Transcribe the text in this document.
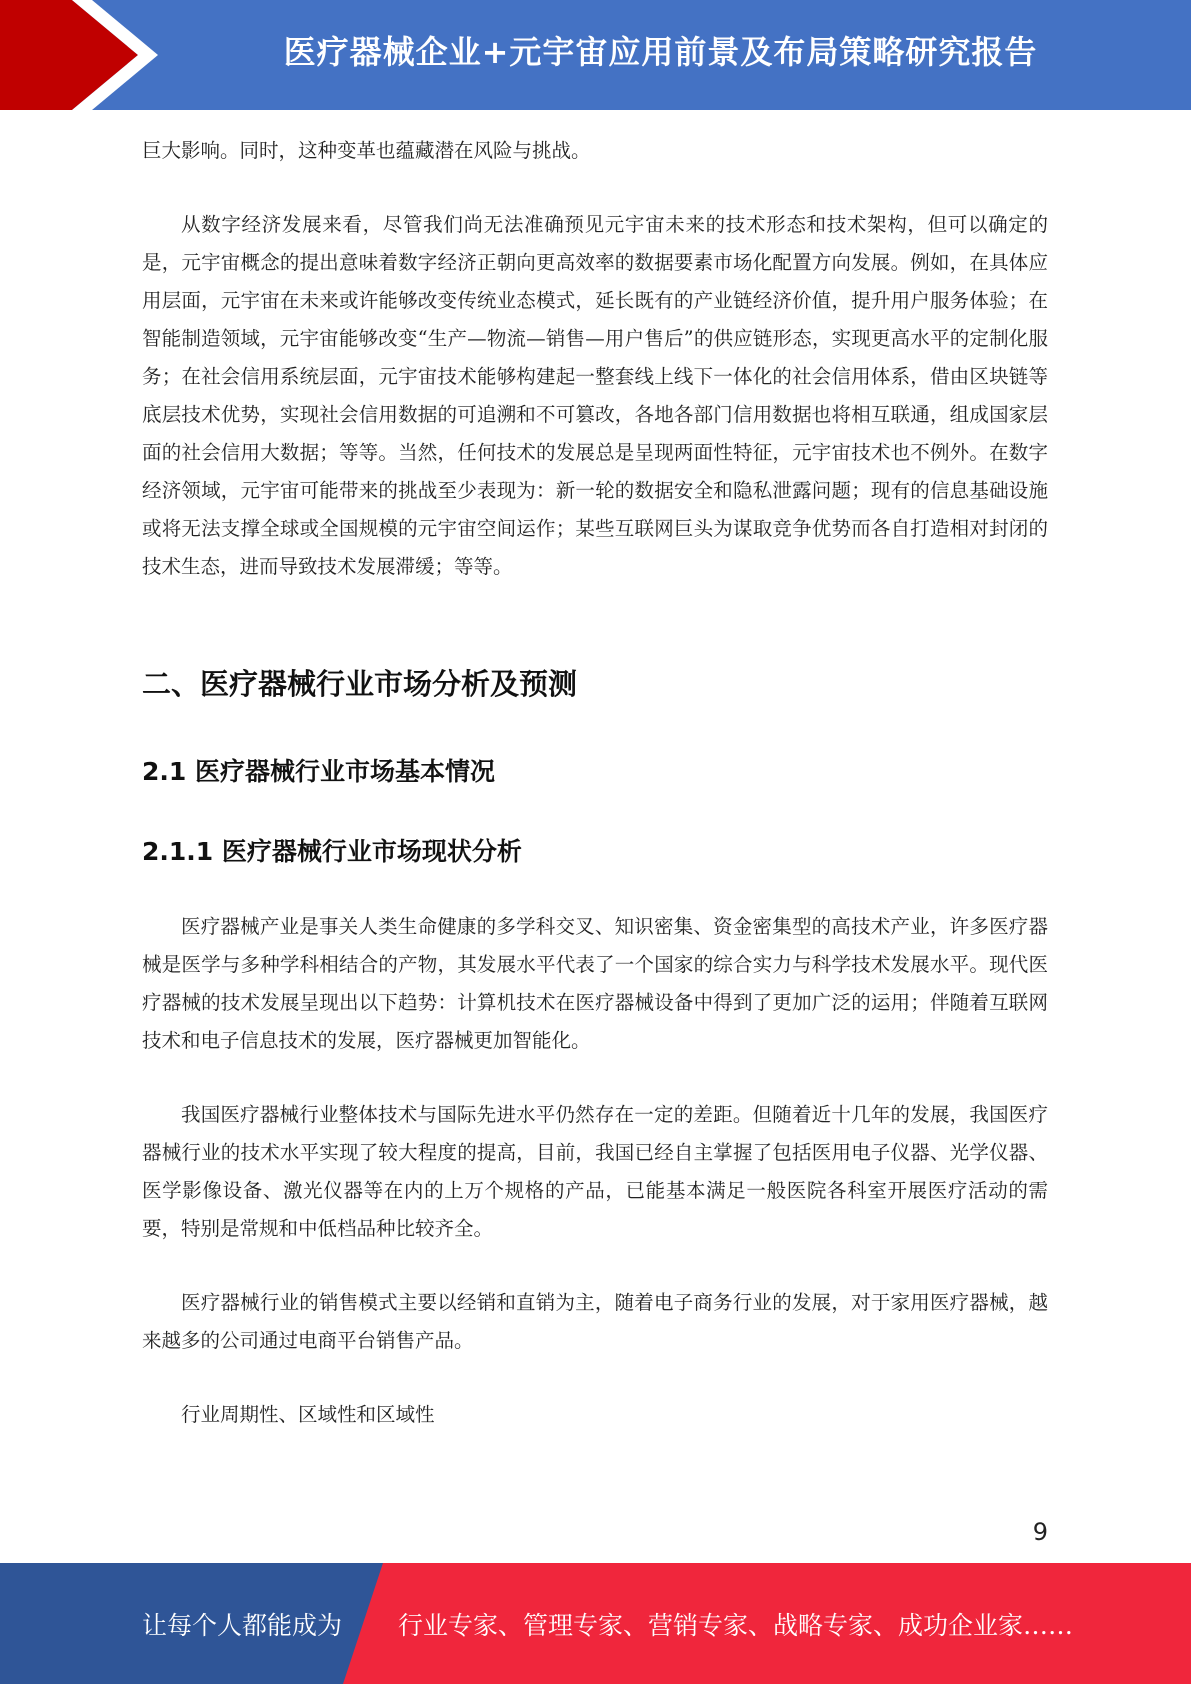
医疗器械企业+元宇宙应用前景及布局策略研究报告

巨大影响。同时，这种变革也蕴藏潜在风险与挑战。

从数字经济发展来看，尽管我们尚无法准确预见元宇宙未来的技术形态和技术架构，但可以确定的是，元宇宙概念的提出意味着数字经济正朝向更高效率的数据要素市场化配置方向发展。例如，在具体应用层面，元宇宙在未来或许能够改变传统业态模式，延长既有的产业链经济价值，提升用户服务体验；在智能制造领域，元宇宙能够改变“生产—物流—销售—用户售后”的供应链形态，实现更高水平的定制化服务；在社会信用系统层面，元宇宙技术能够构建起一整套线上线下一体化的社会信用体系，借由区块链等底层技术优势，实现社会信用数据的可追溯和不可篡改，各地各部门信用数据也将相互联通，组成国家层面的社会信用大数据；等等。当然，任何技术的发展总是呈现两面性特征，元宇宙技术也不例外。在数字经济领域，元宇宙可能带来的挑战至少表现为：新一轮的数据安全和隐私泄露问题；现有的信息基础设施或将无法支撑全球或全国规模的元宇宙空间运作；某些互联网巨头为谋取竞争优势而各自打造相对封闭的技术生态，进而导致技术发展滞缓；等等。

二、医疗器械行业市场分析及预测
2.1 医疗器械行业市场基本情况
2.1.1 医疗器械行业市场现状分析

医疗器械产业是事关人类生命健康的多学科交叉、知识密集、资金密集型的高技术产业，许多医疗器械是医学与多种学科相结合的产物，其发展水平代表了一个国家的综合实力与科学技术发展水平。现代医疗器械的技术发展呈现出以下趋势：计算机技术在医疗器械设备中得到了更加广泛的运用；伴随着互联网技术和电子信息技术的发展，医疗器械更加智能化。

我国医疗器械行业整体技术与国际先进水平仍然存在一定的差距。但随着近十几年的发展，我国医疗器械行业的技术水平实现了较大程度的提高，目前，我国已经自主掌握了包括医用电子仪器、光学仪器、医学影像设备、激光仪器等在内的上万个规格的产品，已能基本满足一般医院各科室开展医疗活动的需要，特别是常规和中低档品种比较齐全。

医疗器械行业的销售模式主要以经销和直销为主，随着电子商务行业的发展，对于家用医疗器械，越来越多的公司通过电商平台销售产品。

行业周期性、区域性和区域性

9
让每个人都能成为 行业专家、管理专家、营销专家、战略专家、成功企业家……
